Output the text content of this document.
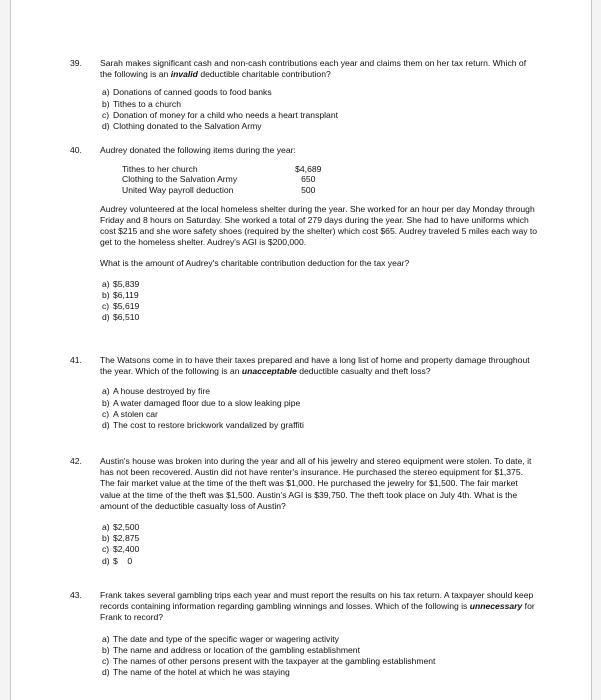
39. Sarah makes significant cash and non-cash contributions each year and claims them on her tax return. Which of the following is an invalid deductible charitable contribution?

a) Donations of canned goods to food banks
b) Tithes to a church
c) Donation of money for a child who needs a heart transplant
d) Clothing donated to the Salvation Army
40. Audrey donated the following items during the year:

Tithes to her church	$4,689
Clothing to the Salvation Army	650
United Way payroll deduction	500

Audrey volunteered at the local homeless shelter during the year. She worked for an hour per day Monday through Friday and 8 hours on Saturday. She worked a total of 279 days during the year. She had to have uniforms which cost $215 and she wore safety shoes (required by the shelter) which cost $65. Audrey traveled 5 miles each way to get to the homeless shelter. Audrey's AGI is $200,000.

What is the amount of Audrey's charitable contribution deduction for the tax year?

a) $5,839
b) $6,119
c) $5,619
d) $6,510
41. The Watsons come in to have their taxes prepared and have a long list of home and property damage throughout the year. Which of the following is an unacceptable deductible casualty and theft loss?

a) A house destroyed by fire
b) A water damaged floor due to a slow leaking pipe
c) A stolen car
d) The cost to restore brickwork vandalized by graffiti
42. Austin's house was broken into during the year and all of his jewelry and stereo equipment were stolen. To date, it has not been recovered. Austin did not have renter's insurance. He purchased the stereo equipment for $1,375. The fair market value at the time of the theft was $1,000. He purchased the jewelry for $1,500. The fair market value at the time of the theft was $1,500. Austin's AGI is $39,750. The theft took place on July 4th. What is the amount of the deductible casualty loss of Austin?

a) $2,500
b) $2,875
c) $2,400
d) $    0
43. Frank takes several gambling trips each year and must report the results on his tax return. A taxpayer should keep records containing information regarding gambling winnings and losses. Which of the following is unnecessary for Frank to record?

a) The date and type of the specific wager or wagering activity
b) The name and address or location of the gambling establishment
c) The names of other persons present with the taxpayer at the gambling establishment
d) The name of the hotel at which he was staying
